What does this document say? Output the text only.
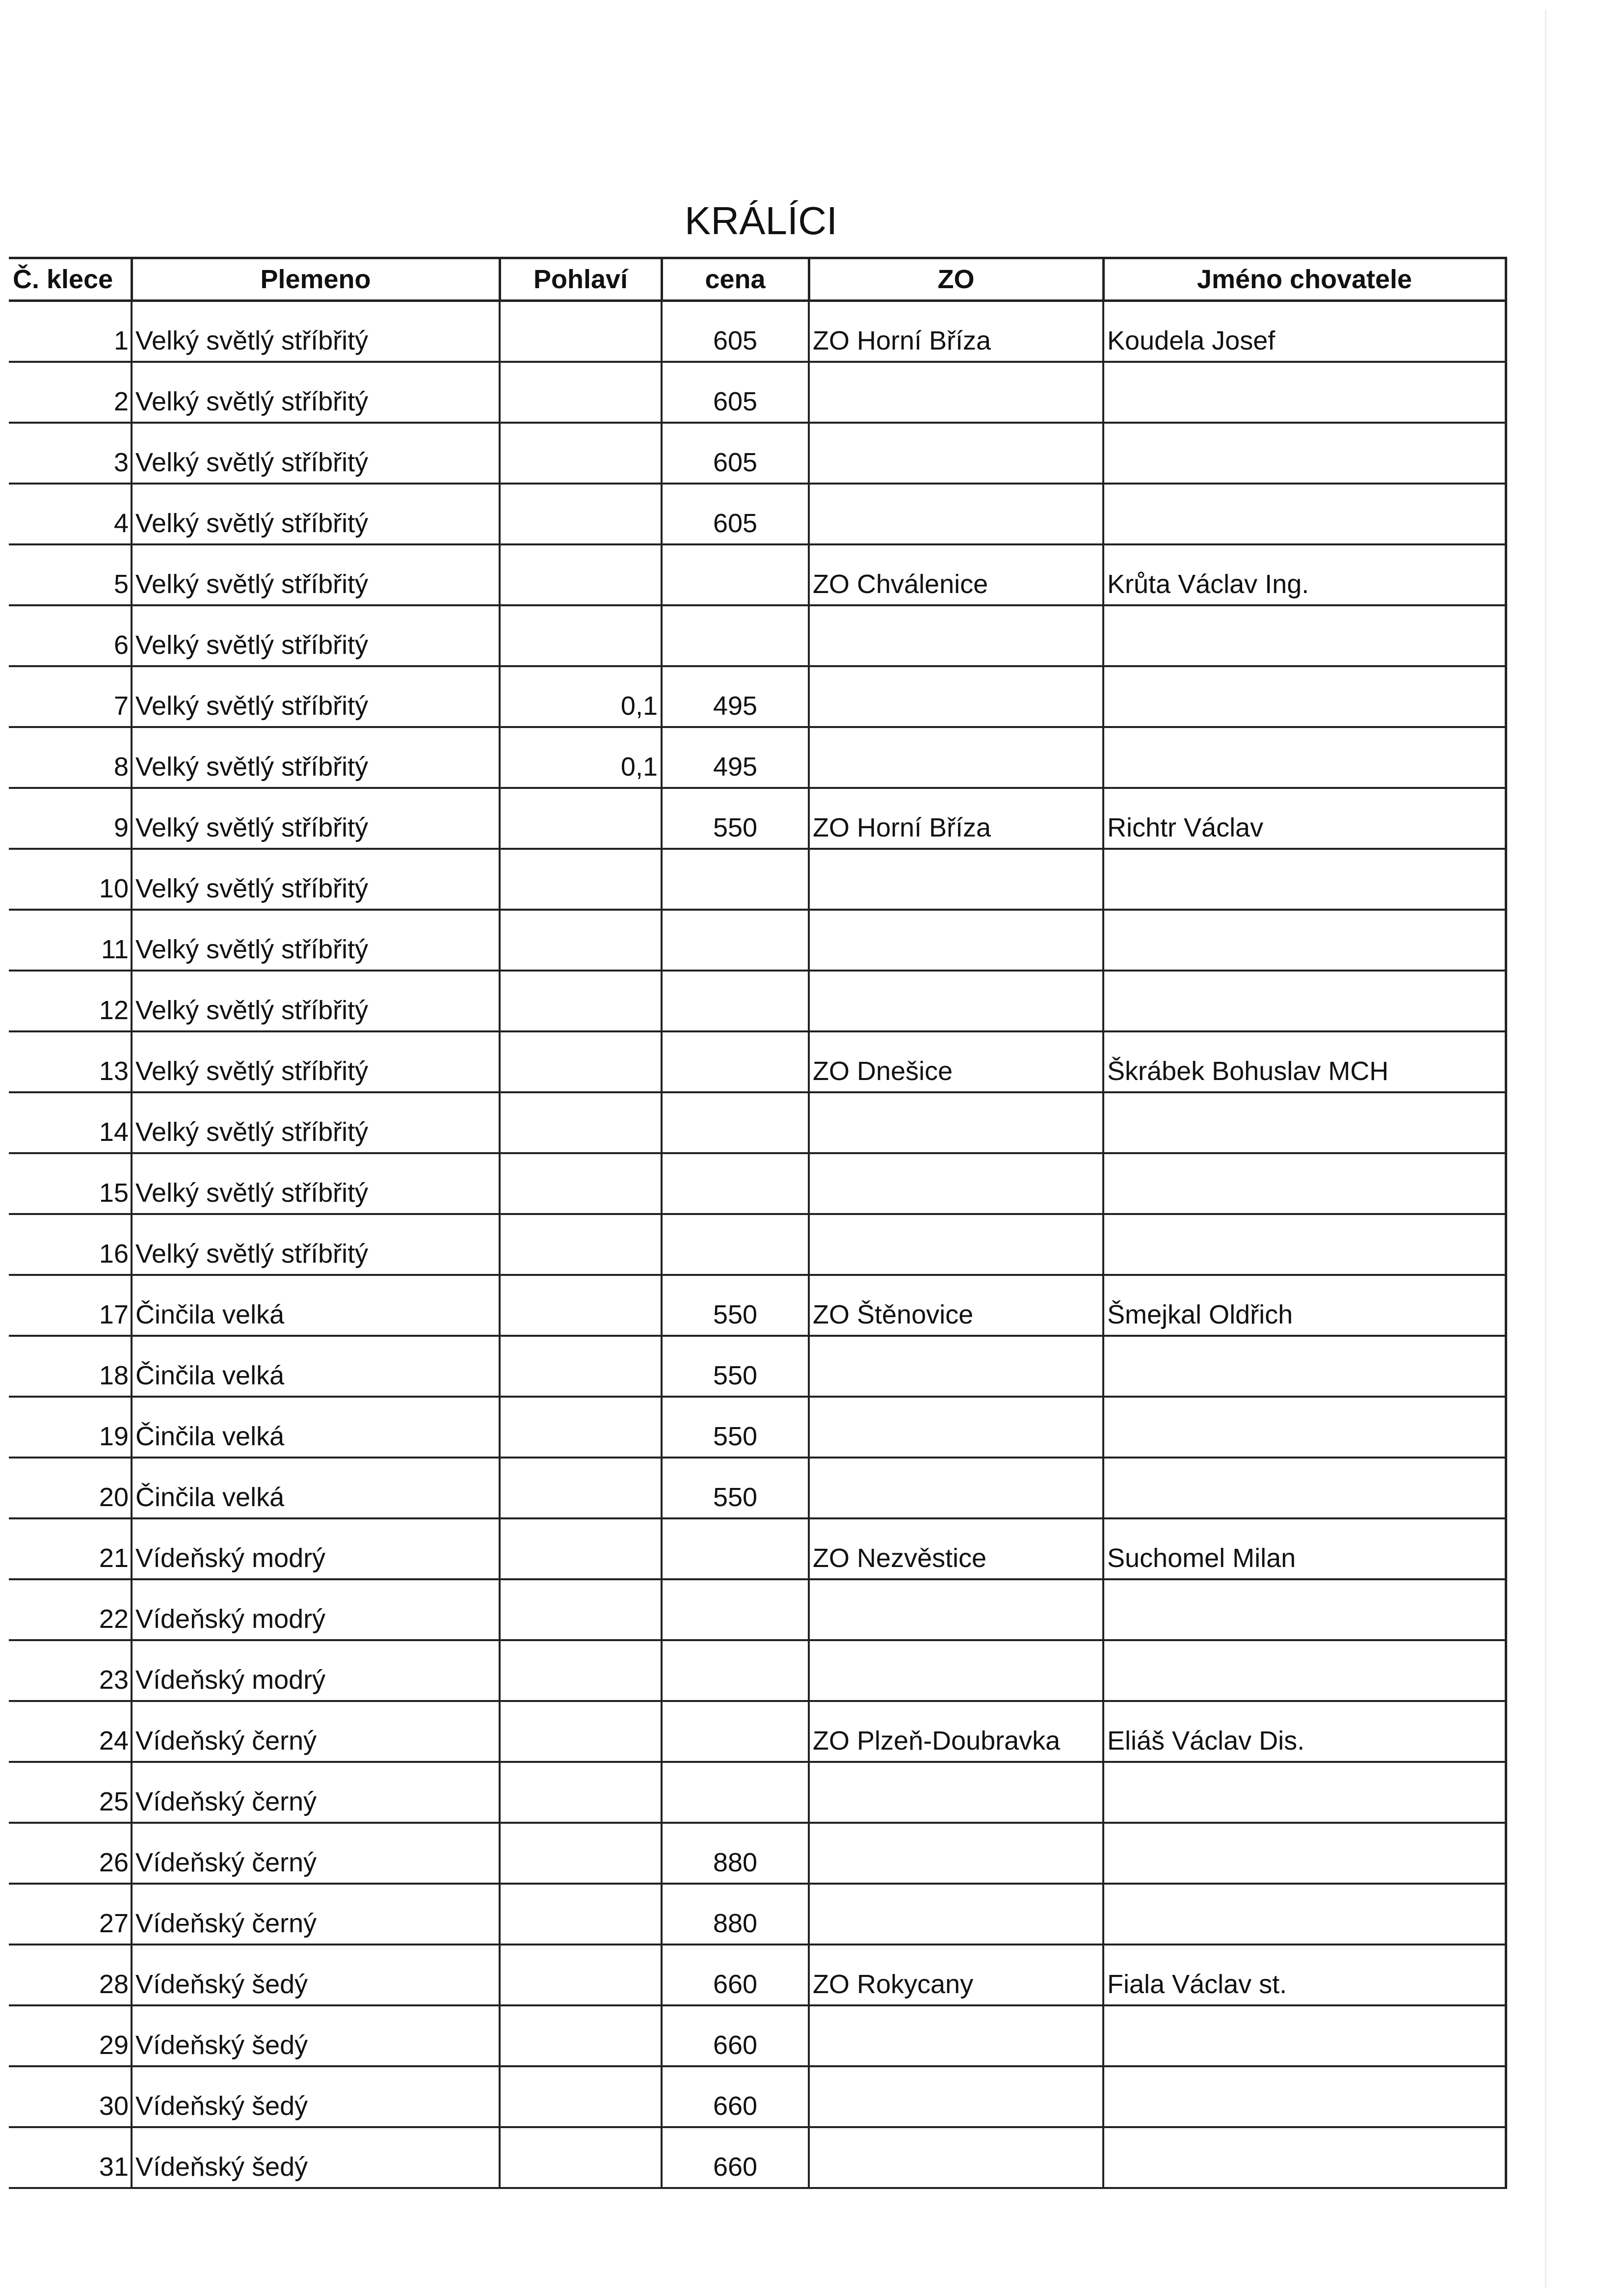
KRÁLÍCI
Č. klece	Plemeno	Pohlaví	cena	ZO	Jméno chovatele
1	Velký světlý stříbřitý		605	ZO Horní Bříza	Koudela Josef
2	Velký světlý stříbřitý		605		
3	Velký světlý stříbřitý		605		
4	Velký světlý stříbřitý		605		
5	Velký světlý stříbřitý			ZO Chválenice	Krůta Václav Ing.
6	Velký světlý stříbřitý				
7	Velký světlý stříbřitý	0,1	495		
8	Velký světlý stříbřitý	0,1	495		
9	Velký světlý stříbřitý		550	ZO Horní Bříza	Richtr Václav
10	Velký světlý stříbřitý				
11	Velký světlý stříbřitý				
12	Velký světlý stříbřitý				
13	Velký světlý stříbřitý			ZO Dnešice	Škrábek Bohuslav MCH
14	Velký světlý stříbřitý				
15	Velký světlý stříbřitý				
16	Velký světlý stříbřitý				
17	Činčila velká		550	ZO Štěnovice	Šmejkal Oldřich
18	Činčila velká		550		
19	Činčila velká		550		
20	Činčila velká		550		
21	Vídeňský modrý			ZO Nezvěstice	Suchomel Milan
22	Vídeňský modrý				
23	Vídeňský modrý				
24	Vídeňský černý			ZO Plzeň-Doubravka	Eliáš Václav Dis.
25	Vídeňský černý				
26	Vídeňský černý		880		
27	Vídeňský černý		880		
28	Vídeňský šedý		660	ZO Rokycany	Fiala Václav st.
29	Vídeňský šedý		660		
30	Vídeňský šedý		660		
31	Vídeňský šedý		660		
